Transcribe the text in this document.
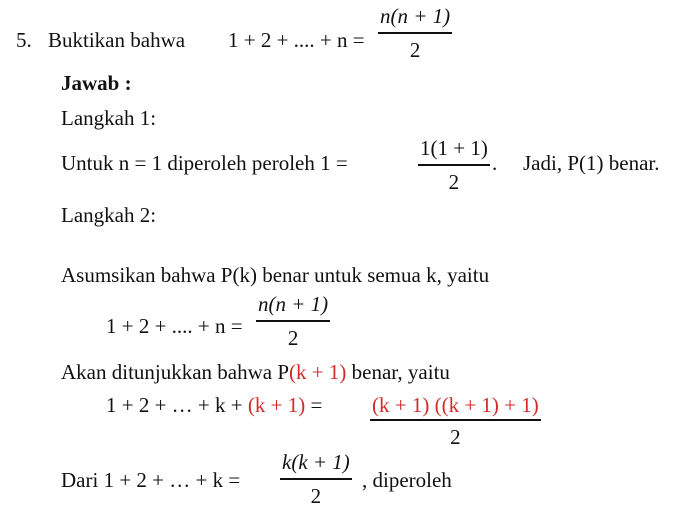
5. Buktikan bahwa 1 + 2 + .... + n =
n(n + 1)
2
Jawab :
Langkah 1:
Untuk n = 1 diperoleh peroleh 1 =
1(1 + 1)
2
. Jadi, P(1) benar.
Langkah 2:
Asumsikan bahwa P(k) benar untuk semua k, yaitu
1 + 2 + .... + n =
n(n + 1)
2
Akan ditunjukkan bahwa P(k + 1) benar, yaitu
1 + 2 + … + k + (k + 1) = (k + 1) ((k + 1) + 1)
2
Dari 1 + 2 + … + k =
k(k + 1)
2
, diperoleh
